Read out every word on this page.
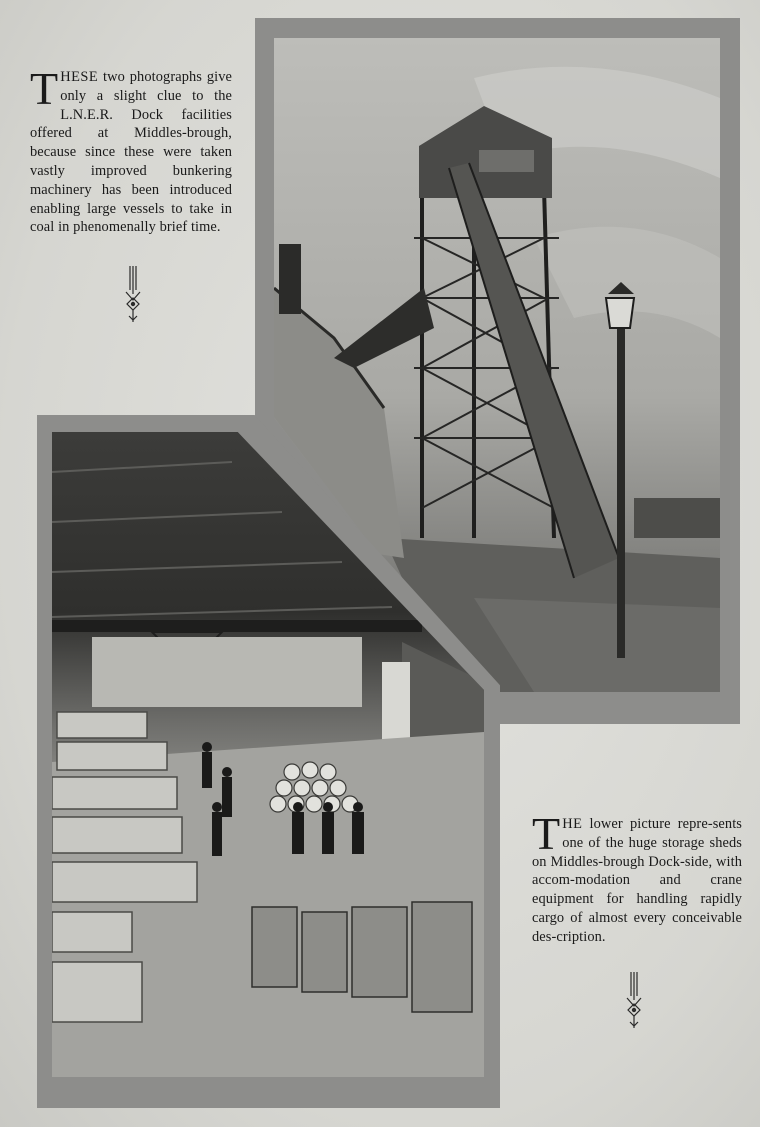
THESE two photographs give only a slight clue to the L.N.E.R. Dock facilities offered at Middles-brough, because since these were taken vastly improved bunkering machinery has been introduced enabling large vessels to take in coal in phenomenally brief time.
THE lower picture repre-sents one of the huge storage sheds on Middles-brough Dock-side, with accom-modation and crane equipment for handling rapidly cargo of almost every conceivable des-cription.
